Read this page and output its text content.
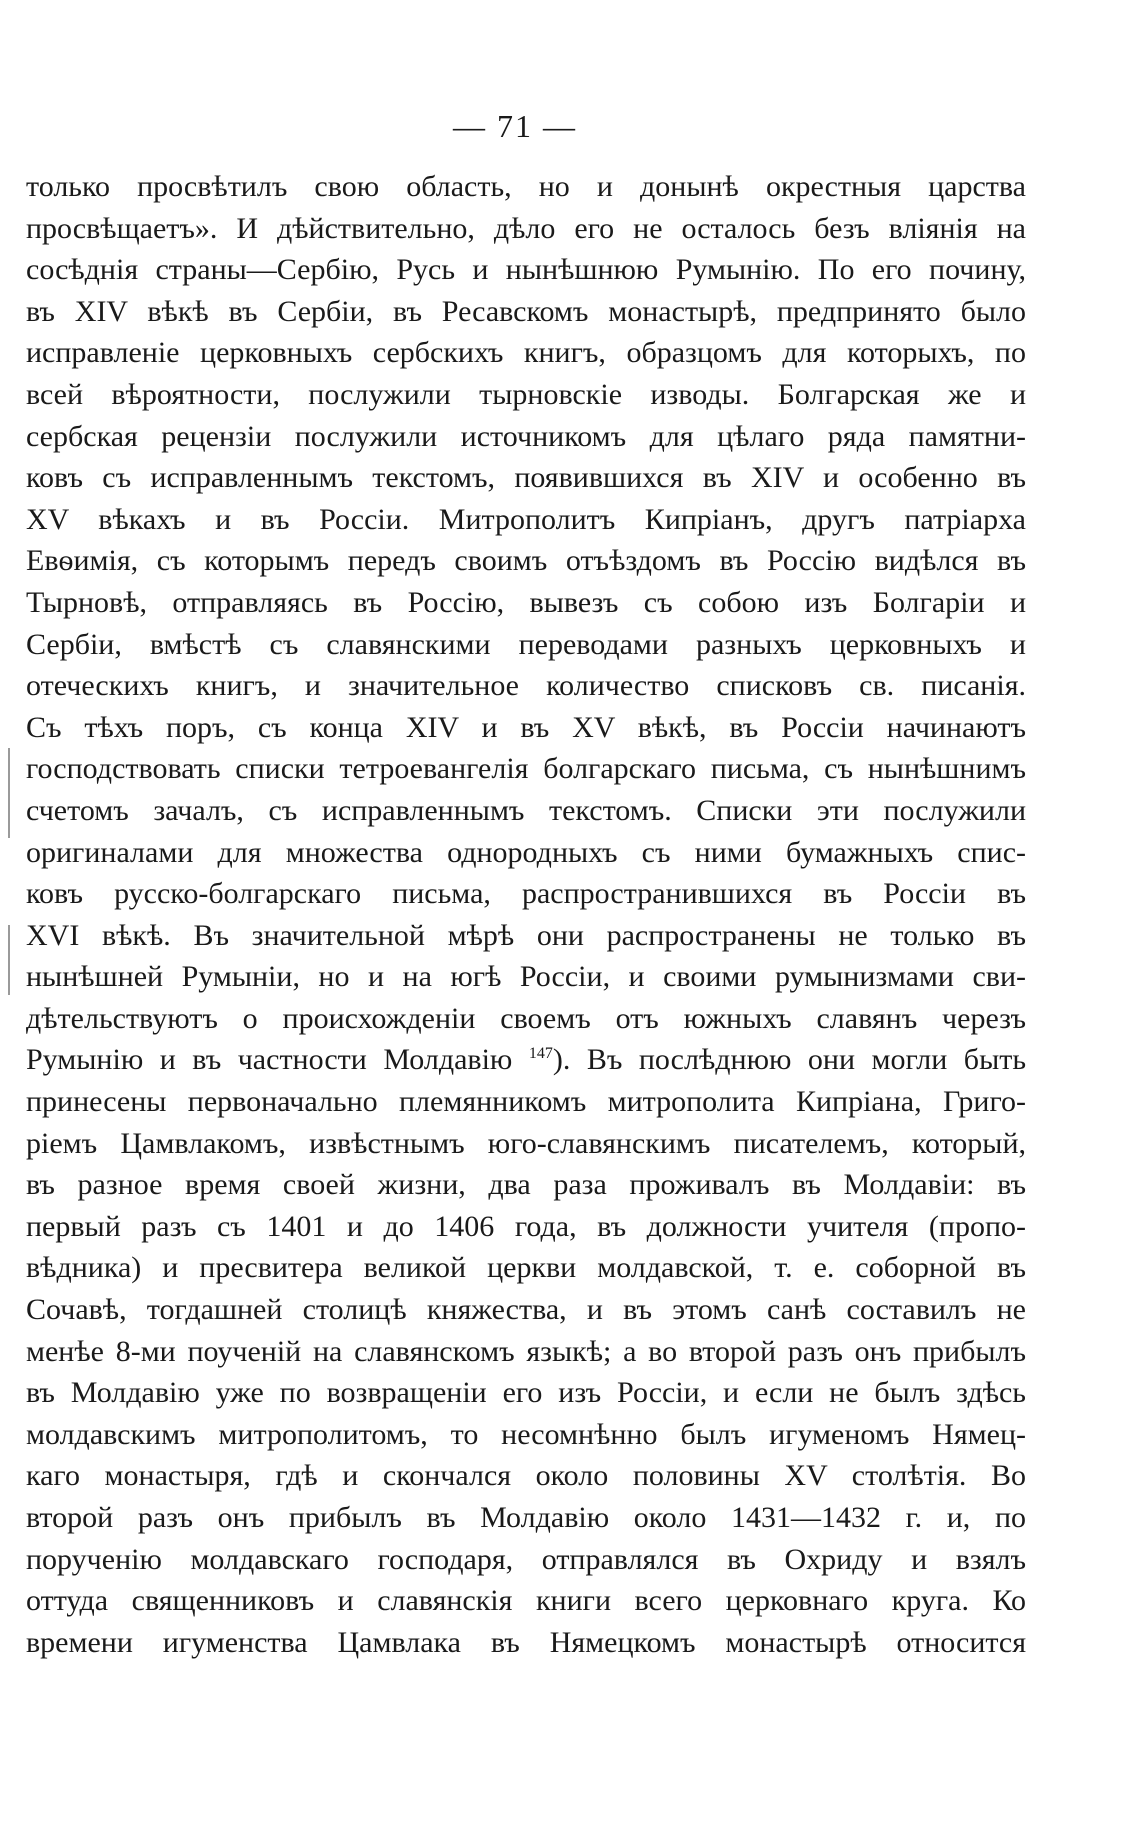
— 71 —
только просвѣтилъ свою область, но и донынѣ окрестныя царства
просвѣщаетъ». И дѣйствительно, дѣло его не осталось безъ вліянія на
сосѣднія страны—Сербію, Русь и нынѣшнюю Румынію. По его почину,
въ XIV вѣкѣ въ Сербіи, въ Ресавскомъ монастырѣ, предпринято было
исправленіе церковныхъ сербскихъ книгъ, образцомъ для которыхъ, по
всей вѣроятности, послужили тырновскіе изводы. Болгарская же и
сербская рецензіи послужили источникомъ для цѣлаго ряда памятни-
ковъ съ исправленнымъ текстомъ, появившихся въ XIV и особенно въ
XV вѣкахъ и въ Россіи. Митрополитъ Кипріанъ, другъ патріарха
Евѳимія, съ которымъ передъ своимъ отъѣздомъ въ Россію видѣлся въ
Тырновѣ, отправляясь въ Россію, вывезъ съ собою изъ Болгаріи и
Сербіи, вмѣстѣ съ славянскими переводами разныхъ церковныхъ и
отеческихъ книгъ, и значительное количество списковъ св. писанія.
Съ тѣхъ поръ, съ конца XIV и въ XV вѣкѣ, въ Россіи начинаютъ
господствовать списки тетроевангелія болгарскаго письма, съ нынѣшнимъ
счетомъ зачалъ, съ исправленнымъ текстомъ. Списки эти послужили
оригиналами для множества однородныхъ съ ними бумажныхъ спис-
ковъ русско-болгарскаго письма, распространившихся въ Россіи въ
XVI вѣкѣ. Въ значительной мѣрѣ они распространены не только въ
нынѣшней Румыніи, но и на югѣ Россіи, и своими румынизмами сви-
дѣтельствуютъ о происхожденіи своемъ отъ южныхъ славянъ черезъ
Румынію и въ частности Молдавію $^{147}$). Въ послѣднюю они могли быть
принесены первоначально племянникомъ митрополита Кипріана, Григо-
ріемъ Цамвлакомъ, извѣстнымъ юго-славянскимъ писателемъ, который,
въ разное время своей жизни, два раза проживалъ въ Молдавіи: въ
первый разъ съ 1401 и до 1406 года, въ должности учителя (пропо-
вѣдника) и пресвитера великой церкви молдавской, т. е. соборной въ
Сочавѣ, тогдашней столицѣ княжества, и въ этомъ санѣ составилъ не
менѣе 8-ми поученій на славянскомъ языкѣ; а во второй разъ онъ прибылъ
въ Молдавію уже по возвращеніи его изъ Россіи, и если не былъ здѣсь
молдавскимъ митрополитомъ, то несомнѣнно былъ игуменомъ Нямец-
каго монастыря, гдѣ и скончался около половины XV столѣтія. Во
второй разъ онъ прибылъ въ Молдавію около 1431—1432 г. и, по
порученію молдавскаго господаря, отправлялся въ Охриду и взялъ
оттуда священниковъ и славянскія книги всего церковнаго круга. Ко
времени игуменства Цамвлака въ Нямецкомъ монастырѣ относится
